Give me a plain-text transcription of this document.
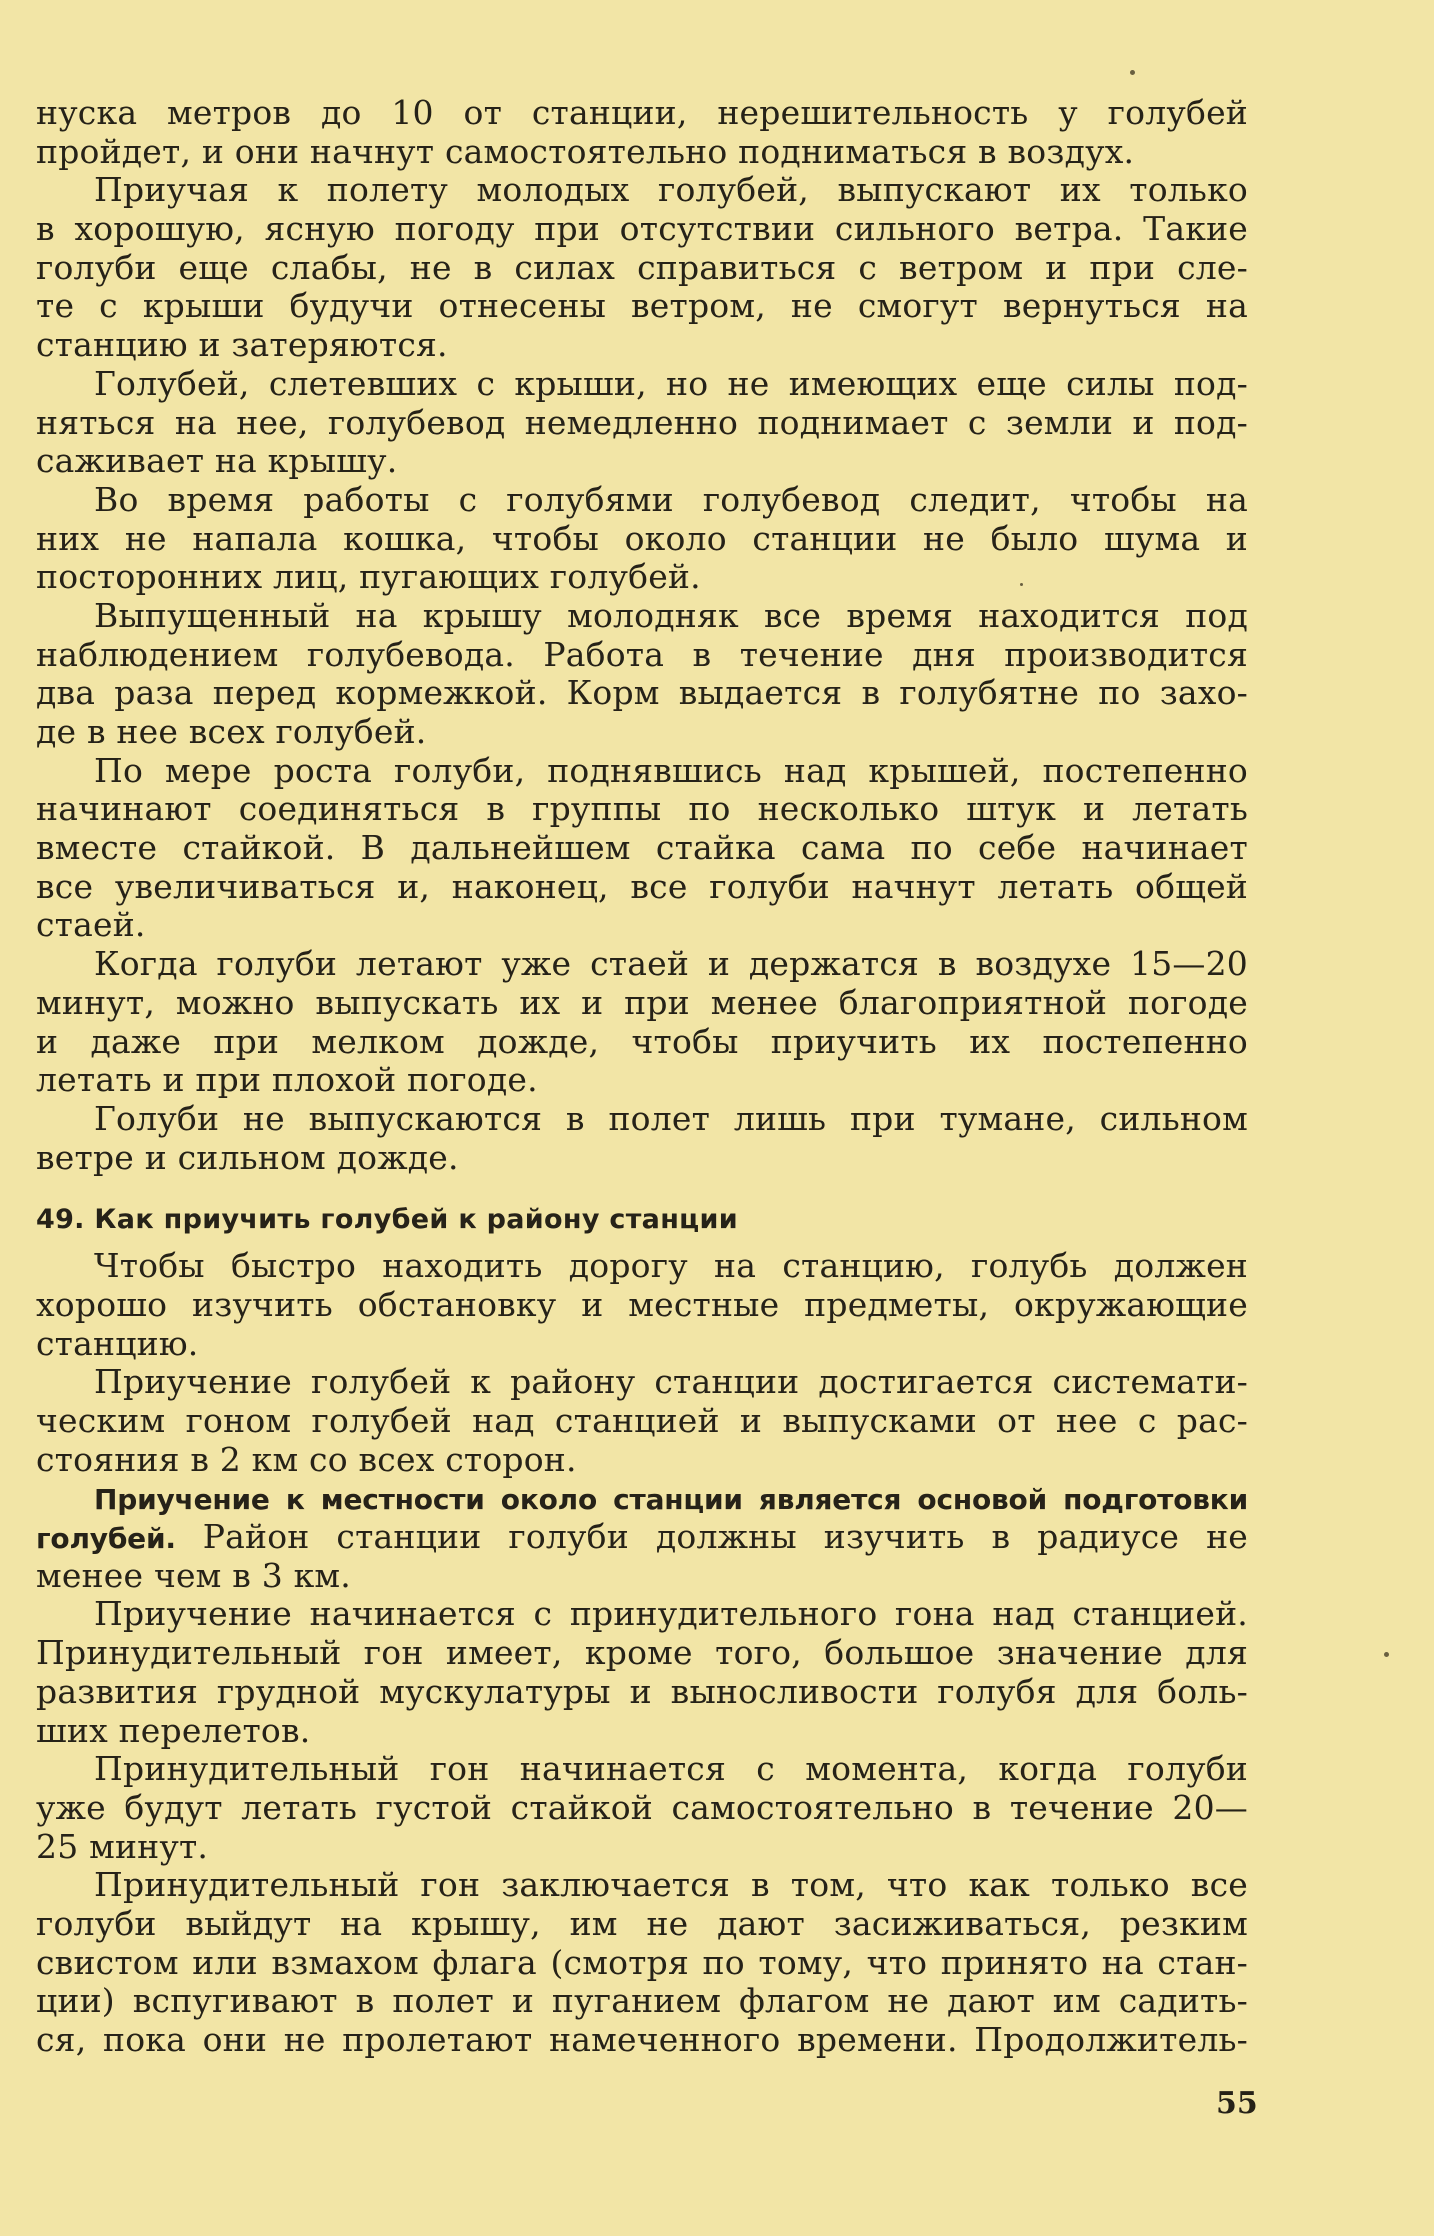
нуска метров до 10 от станции, нерешительность у голубей
пройдет, и они начнут самостоятельно подниматься в воздух.
Приучая к полету молодых голубей, выпускают их только
в хорошую, ясную погоду при отсутствии сильного ветра. Такие
голуби еще слабы, не в силах справиться с ветром и при сле-
те с крыши будучи отнесены ветром, не смогут вернуться на
станцию и затеряются.
Голубей, слетевших с крыши, но не имеющих еще силы под-
няться на нее, голубевод немедленно поднимает с земли и под-
саживает на крышу.
Во время работы с голубями голубевод следит, чтобы на
них не напала кошка, чтобы около станции не было шума и
посторонних лиц, пугающих голубей.
Выпущенный на крышу молодняк все время находится под
наблюдением голубевода. Работа в течение дня производится
два раза перед кормежкой. Корм выдается в голубятне по захо-
де в нее всех голубей.
По мере роста голуби, поднявшись над крышей, постепенно
начинают соединяться в группы по несколько штук и летать
вместе стайкой. В дальнейшем стайка сама по себе начинает
все увеличиваться и, наконец, все голуби начнут летать общей
стаей.
Когда голуби летают уже стаей и держатся в воздухе 15—20
минут, можно выпускать их и при менее благоприятной погоде
и даже при мелком дожде, чтобы приучить их постепенно
летать и при плохой погоде.
Голуби не выпускаются в полет лишь при тумане, сильном
ветре и сильном дожде.
49. Как приучить голубей к району станции
Чтобы быстро находить дорогу на станцию, голубь должен
хорошо изучить обстановку и местные предметы, окружающие
станцию.
Приучение голубей к району станции достигается системати-
ческим гоном голубей над станцией и выпусками от нее с рас-
стояния в 2 км со всех сторон.
Приучение к местности около станции является основой подготовки
голубей. Район станции голуби должны изучить в радиусе не
менее чем в 3 км.
Приучение начинается с принудительного гона над станцией.
Принудительный гон имеет, кроме того, большое значение для
развития грудной мускулатуры и выносливости голубя для боль-
ших перелетов.
Принудительный гон начинается с момента, когда голуби
уже будут летать густой стайкой самостоятельно в течение 20—
25 минут.
Принудительный гон заключается в том, что как только все
голуби выйдут на крышу, им не дают засиживаться, резким
свистом или взмахом флага (смотря по тому, что принято на стан-
ции) вспугивают в полет и пуганием флагом не дают им садить-
ся, пока они не пролетают намеченного времени. Продолжитель-
55
